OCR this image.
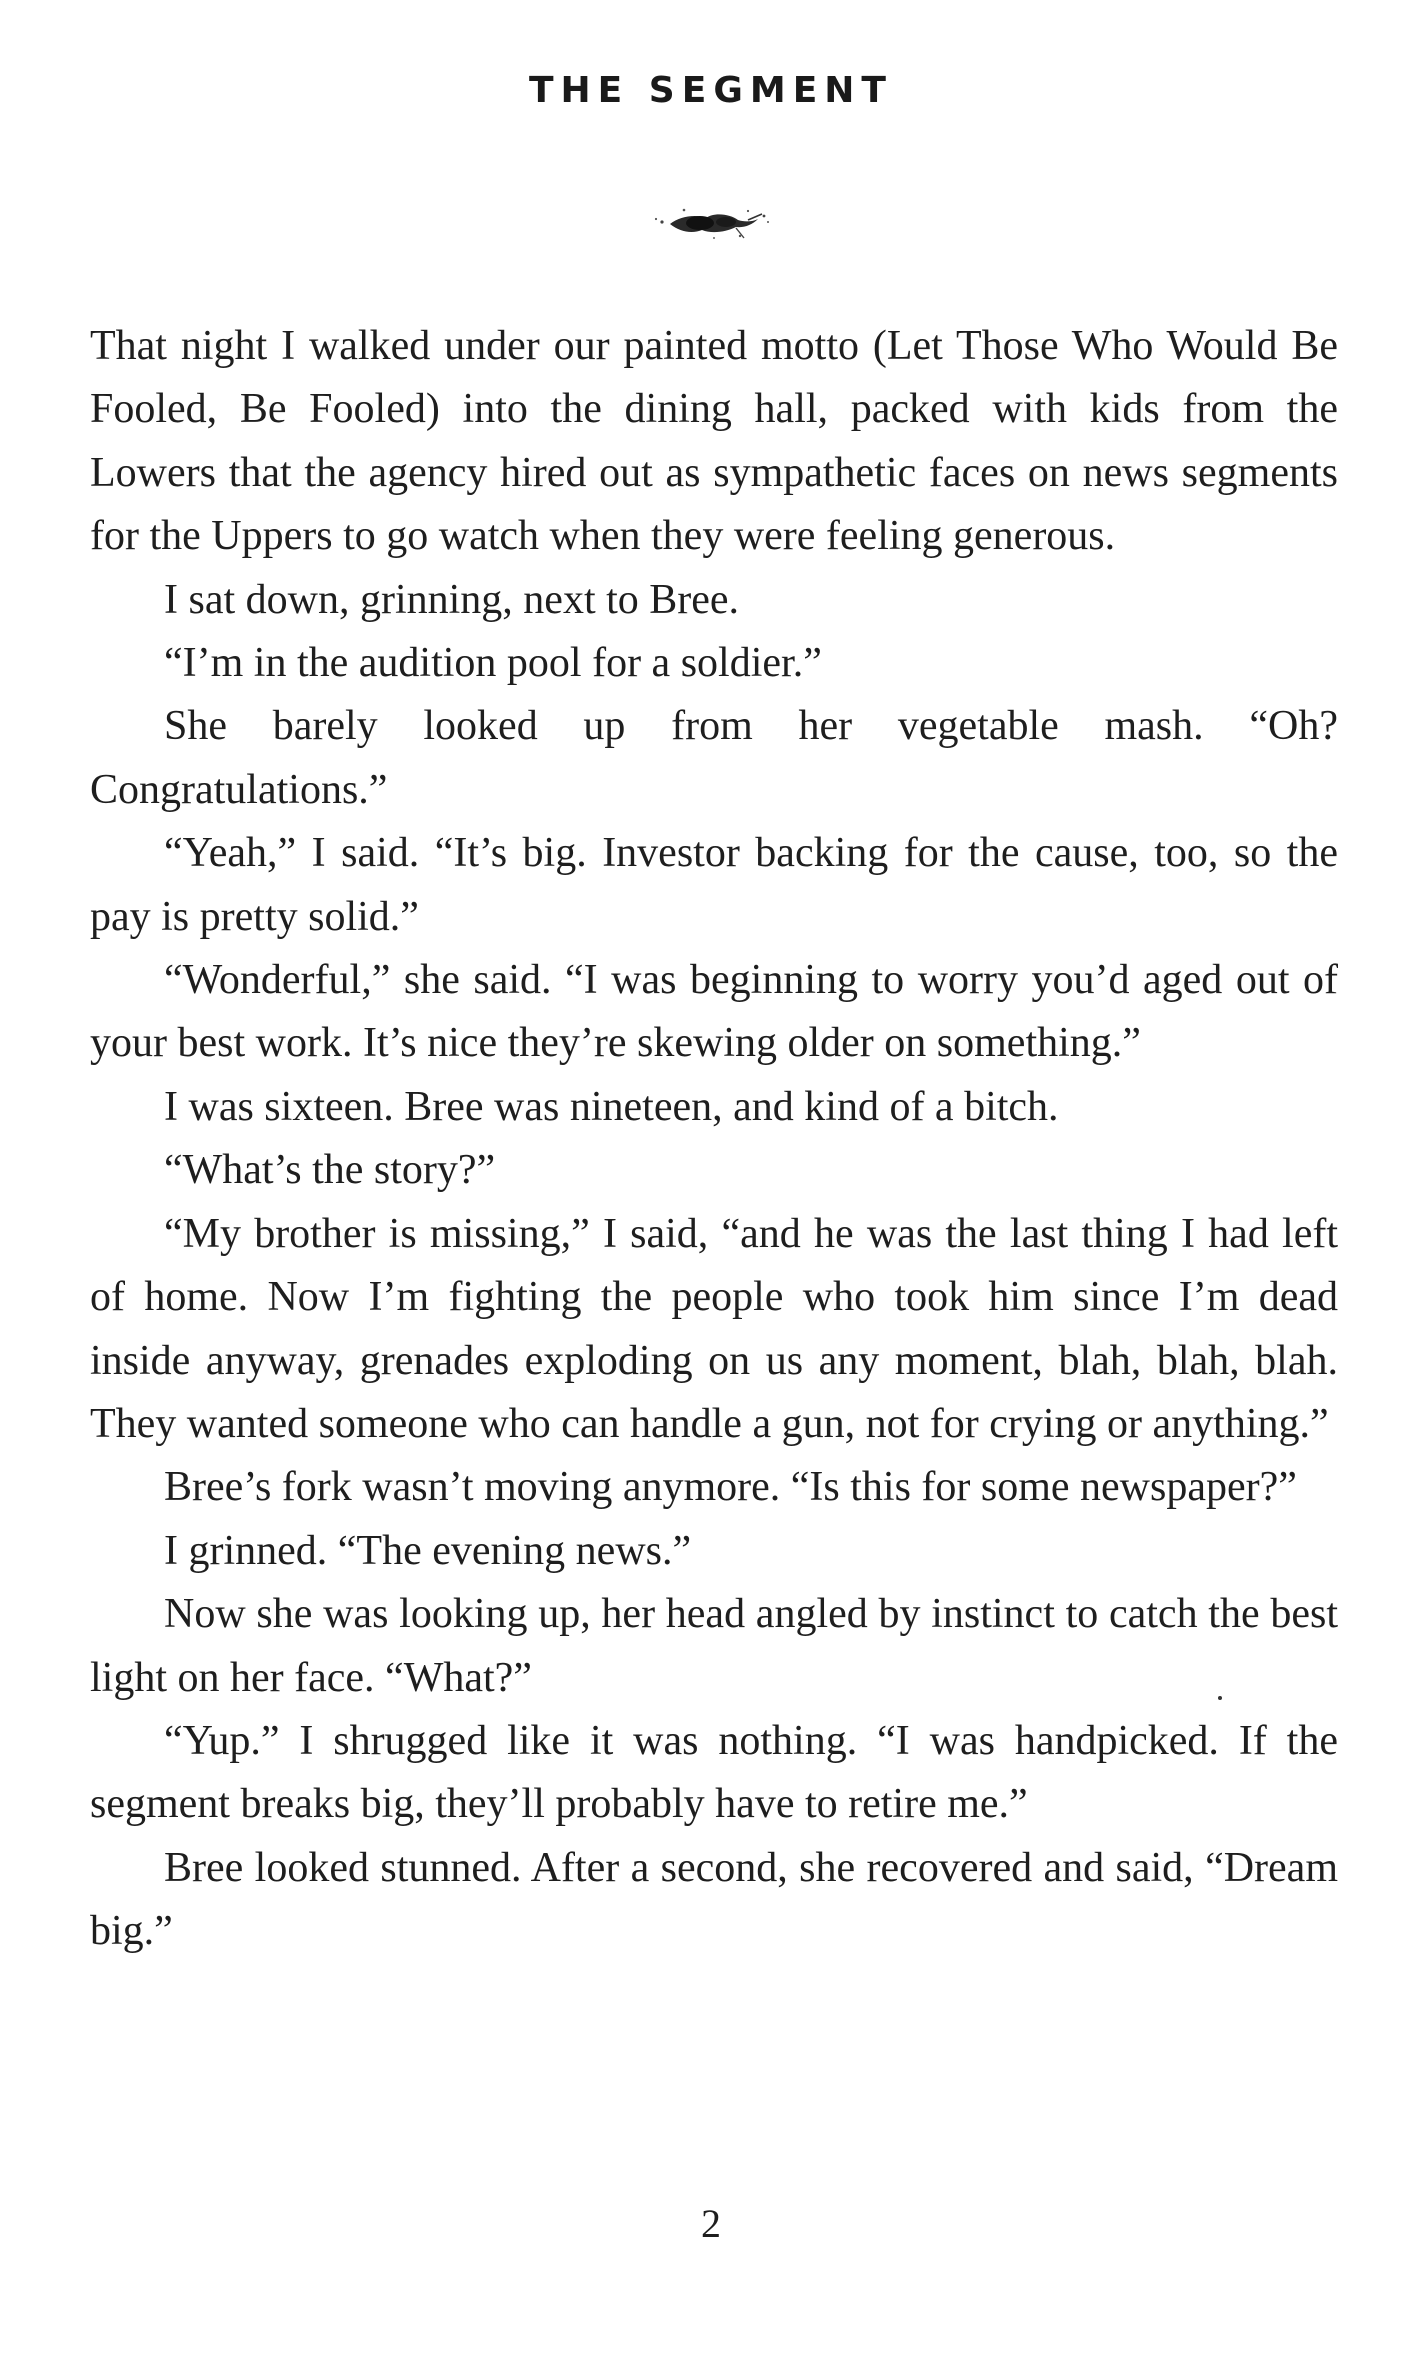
THE SEGMENT

That night I walked under our painted motto (Let Those Who Would Be Fooled, Be Fooled) into the dining hall, packed with kids from the Lowers that the agency hired out as sympathetic faces on news segments for the Uppers to go watch when they were feeling generous.

I sat down, grinning, next to Bree.

“I’m in the audition pool for a soldier.”

She barely looked up from her vegetable mash. “Oh? Congratulations.”

“Yeah,” I said. “It’s big. Investor backing for the cause, too, so the pay is pretty solid.”

“Wonderful,” she said. “I was beginning to worry you’d aged out of your best work. It’s nice they’re skewing older on something.”

I was sixteen. Bree was nineteen, and kind of a bitch.

“What’s the story?”

“My brother is missing,” I said, “and he was the last thing I had left of home. Now I’m fighting the people who took him since I’m dead inside anyway, grenades exploding on us any moment, blah, blah, blah. They wanted someone who can handle a gun, not for crying or anything.”

Bree’s fork wasn’t moving anymore. “Is this for some newspaper?”

I grinned. “The evening news.”

Now she was looking up, her head angled by instinct to catch the best light on her face. “What?”

“Yup.” I shrugged like it was nothing. “I was handpicked. If the segment breaks big, they’ll probably have to retire me.”

Bree looked stunned. After a second, she recovered and said, “Dream big.”

2
